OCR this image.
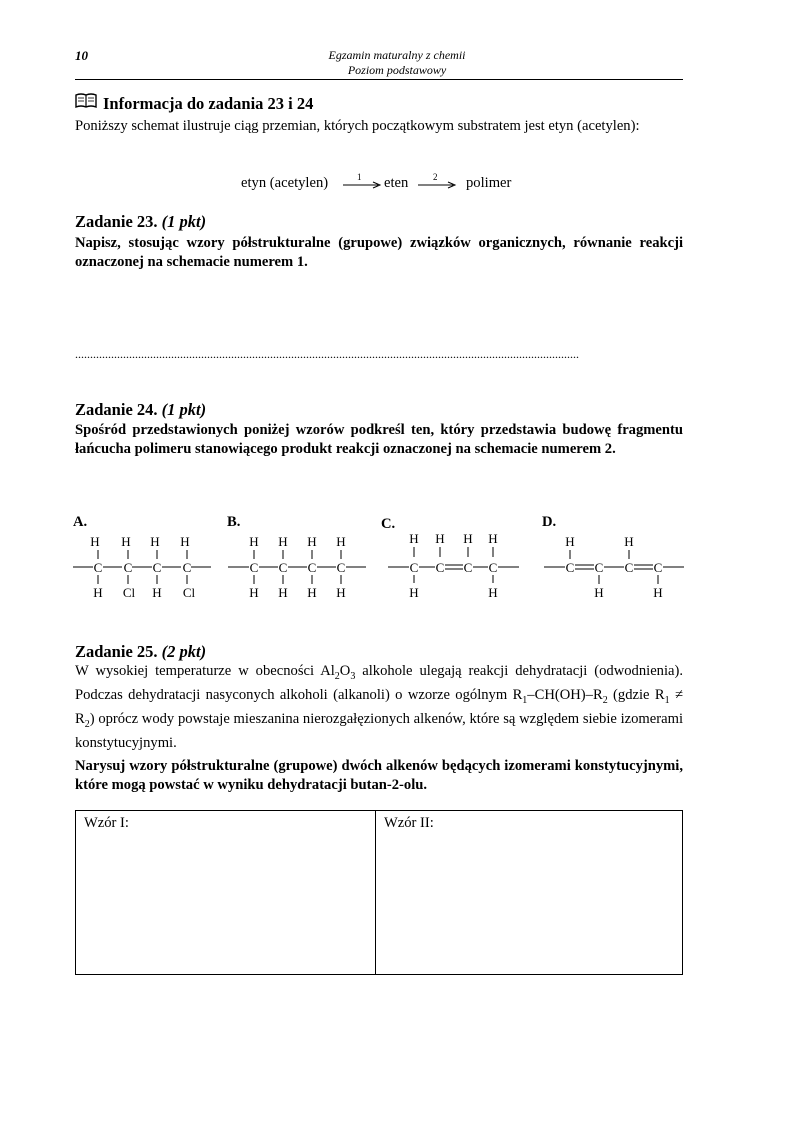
10	Egzamin maturalny z chemii
Poziom podstawowy
Informacja do zadania 23 i 24
Poniższy schemat ilustruje ciąg przemian, których początkowym substratem jest etyn (acetylen):
etyn (acetylen)	1 eten	2 polimer
Zadanie 23. (1 pkt)
Napisz, stosując wzory półstrukturalne (grupowe) związków organicznych, równanie reakcji oznaczonej na schemacie numerem 1.
........................................................................................................................................................................
Zadanie 24. (1 pkt)
Spośród przedstawionych poniżej wzorów podkreśl ten, który przedstawia budowę fragmentu łańcucha polimeru stanowiącego produkt reakcji oznaczonej na schemacie numerem 2.
A.
H H H H
C C C C
H Cl H Cl
B.
H H H H
C C C C
H H H H
C.
H H H H
C C C C
H	H
D.
H	H
C C C C
H	H
Zadanie 25. (2 pkt)
W wysokiej temperaturze w obecności $Al_2O_3$ alkohole ulegają reakcji dehydratacji (odwodnienia). Podczas dehydratacji nasyconych alkoholi (alkanoli) o wzorze ogólnym $R_1-CH(OH)-R_2$ (gdzie $R_1 \ne R_2$) oprócz wody powstaje mieszanina nierozgałęzionych alkenów, które są względem siebie izomerami konstytucyjnymi.
Narysuj wzory półstrukturalne (grupowe) dwóch alkenów będących izomerami konstytucyjnymi, które mogą powstać w wyniku dehydratacji butan-2-olu.
Wzór I:	Wzór II:
